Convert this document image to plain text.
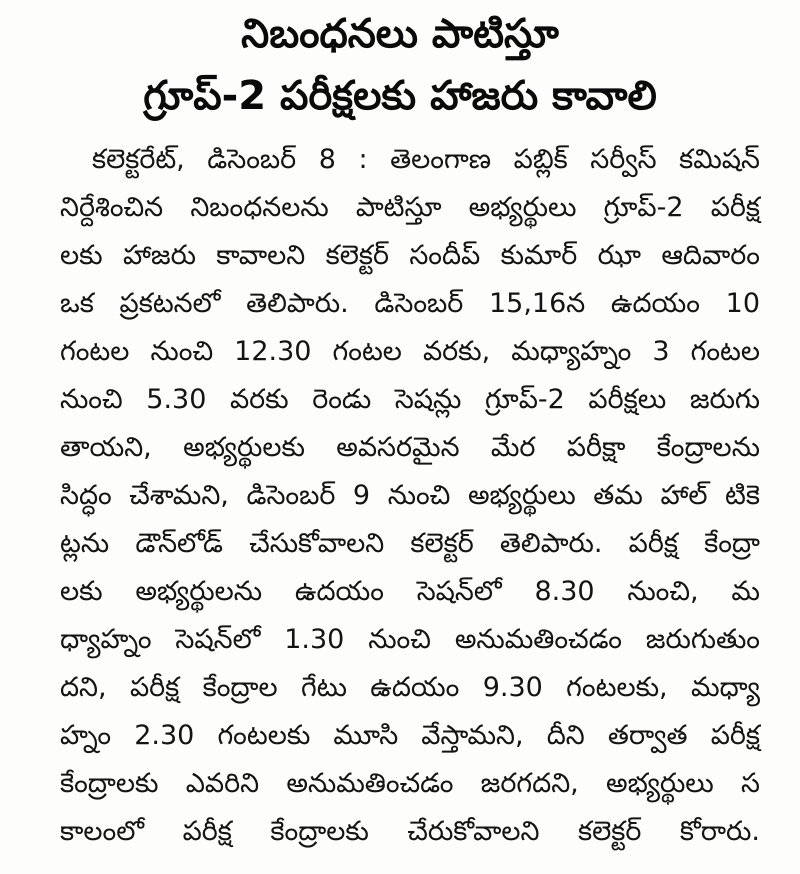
నిబంధనలు పాటిస్తూ
గ్రూప్-2 పరీక్షలకు హాజరు కావాలి
కలెక్టరేట్, డిసెంబర్ 8 : తెలంగాణ పబ్లిక్ సర్వీస్ కమిషన్
నిర్దేశించిన నిబంధనలను పాటిస్తూ అభ్యర్థులు గ్రూప్-2 పరీక్ష
లకు హాజరు కావాలని కలెక్టర్ సందీప్ కుమార్ ఝా ఆదివారం
ఒక ప్రకటనలో తెలిపారు. డిసెంబర్ 15,16న ఉదయం 10
గంటల నుంచి 12.30 గంటల వరకు, మధ్యాహ్నం 3 గంటల
నుంచి 5.30 వరకు రెండు సెషన్లు గ్రూప్-2 పరీక్షలు జరుగు
తాయని, అభ్యర్థులకు అవసరమైన మేర పరీక్షా కేంద్రాలను
సిద్ధం చేశామని, డిసెంబర్ 9 నుంచి అభ్యర్థులు తమ హాల్ టికె
ట్లను డౌన్‌లోడ్ చేసుకోవాలని కలెక్టర్ తెలిపారు. పరీక్ష కేంద్రా
లకు అభ్యర్థులను ఉదయం సెషన్‌లో 8.30 నుంచి, మ
ధ్యాహ్నం సెషన్‌లో 1.30 నుంచి అనుమతించడం జరుగుతుం
దని, పరీక్ష కేంద్రాల గేటు ఉదయం 9.30 గంటలకు, మధ్యా
హ్నం 2.30 గంటలకు మూసి వేస్తామని, దీని తర్వాత పరీక్ష
కేంద్రాలకు ఎవరిని అనుమతించడం జరగదని, అభ్యర్థులు స
కాలంలో పరీక్ష కేంద్రాలకు చేరుకోవాలని కలెక్టర్ కోరారు.
